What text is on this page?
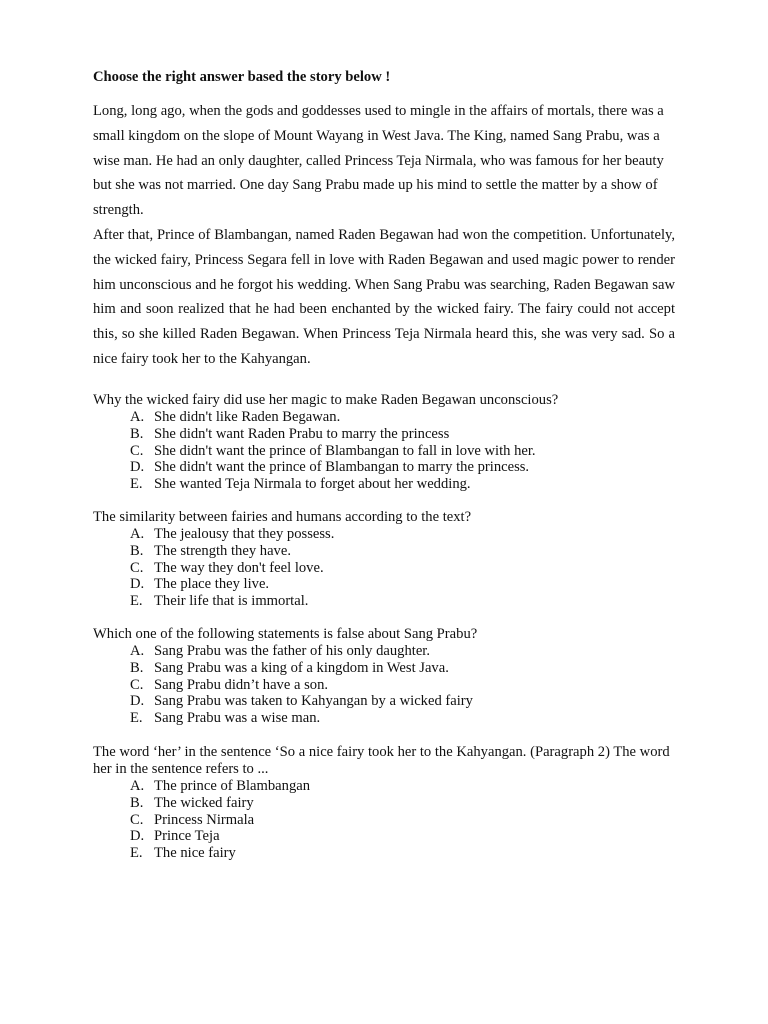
Choose the right answer based the story below !

Long, long ago, when the gods and goddesses used to mingle in the affairs of mortals, there was a small kingdom on the slope of Mount Wayang in West Java. The King, named Sang Prabu, was a wise man. He had an only daughter, called Princess Teja Nirmala, who was famous for her beauty but she was not married. One day Sang Prabu made up his mind to settle the matter by a show of strength.

After that, Prince of Blambangan, named Raden Begawan had won the competition. Unfortunately, the wicked fairy, Princess Segara fell in love with Raden Begawan and used magic power to render him unconscious and he forgot his wedding. When Sang Prabu was searching, Raden Begawan saw him and soon realized that he had been enchanted by the wicked fairy. The fairy could not accept this, so she killed Raden Begawan. When Princess Teja Nirmala heard this, she was very sad. So a nice fairy took her to the Kahyangan.

Why the wicked fairy did use her magic to make Raden Begawan unconscious?

A. She didn't like Raden Begawan.
B. She didn't want Raden Prabu to marry the princess
C. She didn't want the prince of Blambangan to fall in love with her.
D. She didn't want the prince of Blambangan to marry the princess.
E. She wanted Teja Nirmala to forget about her wedding.

The similarity between fairies and humans according to the text?

A. The jealousy that they possess.
B. The strength they have.
C. The way they don't feel love.
D. The place they live.
E. Their life that is immortal.

Which one of the following statements is false about Sang Prabu?

A. Sang Prabu was the father of his only daughter.
B. Sang Prabu was a king of a kingdom in West Java.
C. Sang Prabu didn’t have a son.
D. Sang Prabu was taken to Kahyangan by a wicked fairy
E. Sang Prabu was a wise man.

The word ‘her’ in the sentence ‘So a nice fairy took her to the Kahyangan. (Paragraph 2) The word her in the sentence refers to ...

A. The prince of Blambangan
B. The wicked fairy
C. Princess Nirmala
D. Prince Teja
E. The nice fairy
